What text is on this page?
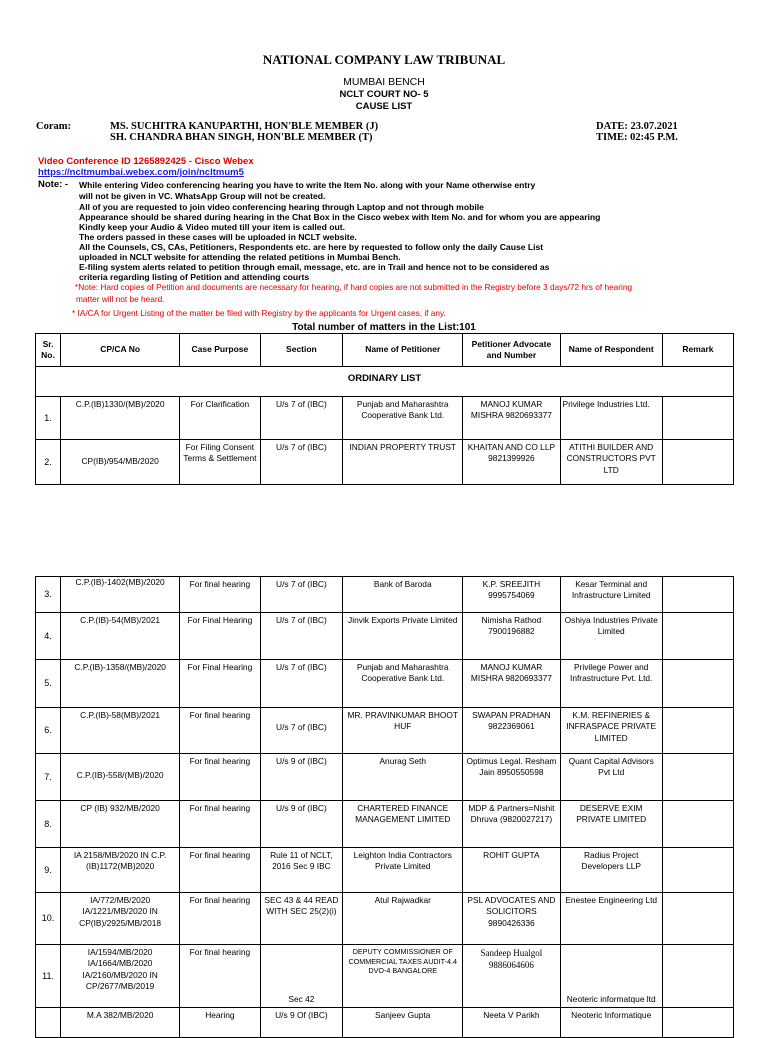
NATIONAL COMPANY LAW TRIBUNAL
MUMBAI BENCH
NCLT COURT NO- 5
CAUSE LIST
Coram:	MS. SUCHITRA KANUPARTHI, HON'BLE MEMBER (J)
SH. CHANDRA BHAN SINGH, HON'BLE MEMBER (T)
DATE: 23.07.2021
TIME: 02:45 P.M.
Video Conference ID 1265892425 - Cisco Webex
https://ncltmumbai.webex.com/join/ncltmum5
Note: - While entering Video conferencing hearing you have to write the Item No. along with your Name otherwise entry
will not be given in VC. WhatsApp Group will not be created.
All of you are requested to join video conferencing hearing through Laptop and not through mobile
Appearance should be shared during hearing in the Chat Box in the Cisco webex with Item No. and for whom you are appearing
Kindly keep your Audio & Video muted till your item is called out.
The orders passed in these cases will be uploaded in NCLT website.
All the Counsels, CS, CAs, Petitioners, Respondents etc. are here by requested to follow only the daily Cause List
uploaded in NCLT website for attending the related petitions in Mumbai Bench.
E-filing system alerts related to petition through email, message, etc. are in Trail and hence not to be considered as
criteria regarding listing of Petition and attending courts
*Note: Hard copies of Petition and documents are necessary for hearing, if hard copies are not submitted in the Registry before 3 days/72 hrs of hearing
matter will not be heard.
* IA/CA for Urgent Listing of the matter be filed with Registry by the applicants for Urgent cases, if any.
Total number of matters in the List:101
Sr. No.	CP/CA No	Case Purpose	Section	Name of Petitioner	Petitioner Advocate and Number	Name of Respondent	Remark
ORDINARY LIST							
1.	C.P.(IB)1330/(MB)/2020	For Clarification	U/s 7 of (IBC)	Punjab and Maharashtra Cooperative Bank Ltd.	MANOJ KUMAR MISHRA 9820693377	Privilege Industries Ltd.	
2.	CP(IB)/954/MB/2020	For Filing Consent Terms & Settlement	U/s 7 of (IBC)	INDIAN PROPERTY TRUST	KHAITAN AND CO LLP 9821399926	ATITHI BUILDER AND CONSTRUCTORS PVT LTD	
3.	C.P.(IB)-1402(MB)/2020	For final hearing	U/s 7 of (IBC)	Bank of Baroda	K.P. SREEJITH 9995754069	Kesar Terminal and Infrastructure Limited	
4.	C.P.(IB)-54(MB)/2021	For Final Hearing	U/s 7 of (IBC)	Jinvik Exports Private Limited	Nimisha Rathod 7900196882	Oshiya Industries Private Limited	
5.	C.P.(IB)-1358/(MB)/2020	For Final Hearing	U/s 7 of (IBC)	Punjab and Maharashtra Cooperative Bank Ltd.	MANOJ KUMAR MISHRA 9820693377	Privilege Power and Infrastructure Pvt. Ltd.	
6.	C.P.(IB)-58(MB)/2021	For final hearing	U/s 7 of (IBC)	MR. PRAVINKUMAR BHOOT HUF	SWAPAN PRADHAN 9822369061	K.M. REFINERIES & INFRASPACE PRIVATE LIMITED	
7.	C.P.(IB)-558/(MB)/2020	For final hearing	U/s 9 of (IBC)	Anurag Seth	Optimus Legal. Resham Jain 8950550598	Quant Capital Advisors Pvt Ltd	
8.	CP (IB) 932/MB/2020	For final hearing	U/s 9 of (IBC)	CHARTERED FINANCE MANAGEMENT LIMITED	MDP & Partners=Nishit Dhruva (9820027217)	DESERVE EXIM PRIVATE LIMITED	
9.	IA 2158/MB/2020 IN C.P. (IB)1172(MB)2020	For final hearing	Rule 11 of NCLT, 2016 Sec 9 IBC	Leighton India Contractors Private Limited	ROHIT GUPTA	Radius Project Developers LLP	
10.	IA/772/MB/2020 IA/1221/MB/2020 IN CP(IB)/2925/MB/2018	For final hearing	SEC 43 & 44 READ WITH SEC 25(2)(i)	Atul Rajwadkar	PSL ADVOCATES AND SOLICITORS 9890426336	Enestee Engineering Ltd	
11.	IA/1594/MB/2020 IA/1664/MB/2020 IA/2160/MB/2020 IN CP/2677/MB/2019	For final hearing	Sec 42	DEPUTY COMMISSIONER OF COMMERCIAL TAXES AUDIT-4.4 DVO-4 BANGALORE	Sandeep Hualgol 9886064606	Neoteric informatque ltd	
	M.A 382/MB/2020	Hearing	U/s 9 Of (IBC)	Sanjeev Gupta	Neeta V Parikh	Neoteric Informatique	
